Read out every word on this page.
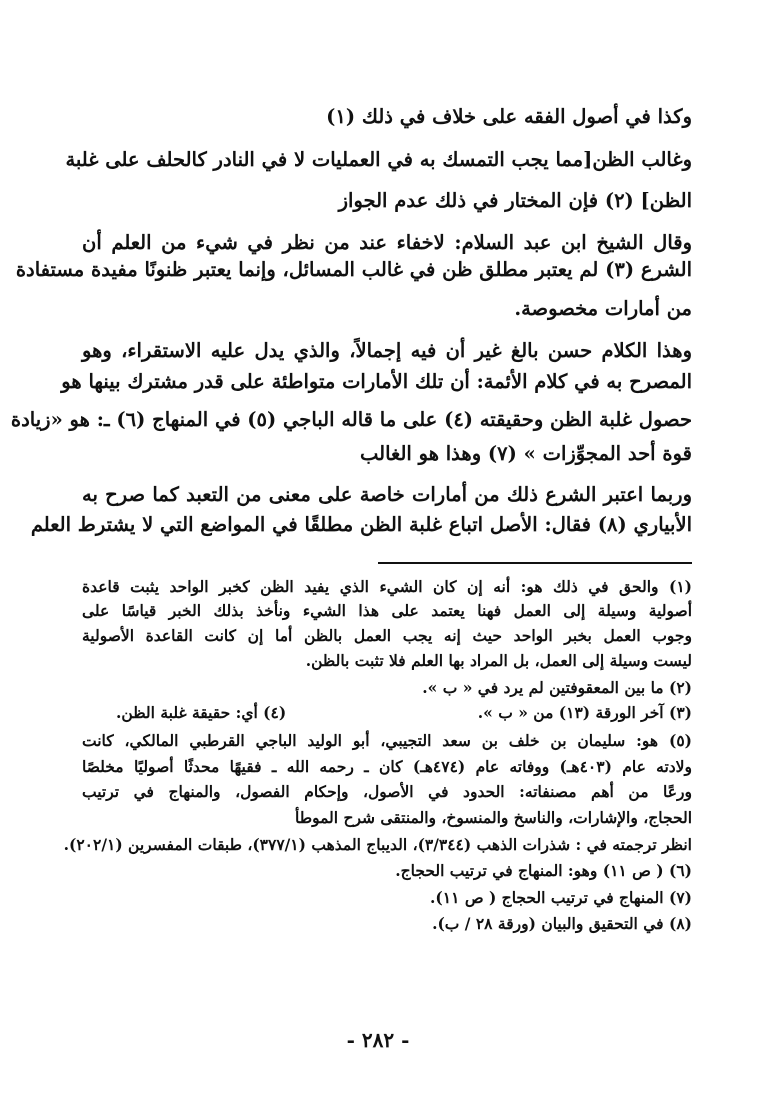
وكذا في أصول الفقه على خلاف في ذلك (١)
وغالب الظن[مما يجب التمسك به في العمليات لا في النادر كالحلف على غلبة
الظن] (٢) فإن المختار في ذلك عدم الجواز
وقال الشيخ ابن عبد السلام: لاخفاء عند من نظر في شيء من العلم أن
الشرع (٣) لم يعتبر مطلق ظن في غالب المسائل، وإنما يعتبر ظنونًا مفيدة مستفادة
من أمارات مخصوصة.
وهذا الكلام حسن بالغ غير أن فيه إجمالاً، والذي يدل عليه الاستقراء، وهو
المصرح به في كلام الأئمة: أن تلك الأمارات متواطئة على قدر مشترك بينها هو
حصول غلبة الظن وحقيقته (٤) على ما قاله الباجي (٥) في المنهاج (٦) ـ: هو «زيادة
قوة أحد المجوِّزات » (٧) وهذا هو الغالب
وربما اعتبر الشرع ذلك من أمارات خاصة على معنى من التعبد كما صرح به
الأبياري (٨) فقال: الأصل اتباع غلبة الظن مطلقًا في المواضع التي لا يشترط العلم
(١) والحق في ذلك هو: أنه إن كان الشيء الذي يفيد الظن كخبر الواحد يثبت قاعدة
أصولية وسيلة إلى العمل فهنا يعتمد على هذا الشيء ونأخذ بذلك الخبر قياسًا على
وجوب العمل بخبر الواحد حيث إنه يجب العمل بالظن أما إن كانت القاعدة الأصولية
ليست وسيلة إلى العمل، بل المراد بها العلم فلا تثبت بالظن.
(٢) ما بين المعقوفتين لم يرد في « ب ».
(٣) آخر الورقة (١٣) من « ب ».
(٤) أي: حقيقة غلبة الظن.
(٥) هو: سليمان بن خلف بن سعد التجيبي، أبو الوليد الباجي القرطبي المالكي، كانت
ولادته عام (٤٠٣هـ) ووفاته عام (٤٧٤هـ) كان ـ رحمه الله ـ فقيهًا محدثًا أصوليًا مخلصًا
ورعًا من أهم مصنفاته: الحدود في الأصول، وإحكام الفصول، والمنهاج في ترتيب
الحجاج، والإشارات، والناسخ والمنسوخ، والمنتقى شرح الموطأ
انظر ترجمته في : شذرات الذهب (٣/٣٤٤)، الديباج المذهب (٣٧٧/١)، طبقات المفسرين (٢٠٢/١).
(٦) ( ص ١١) وهو: المنهاج في ترتيب الحجاج.
(٧) المنهاج في ترتيب الحجاج ( ص ١١).
(٨) في التحقيق والبيان (ورقة ٢٨ / ب).
- ٢٨٢ -
